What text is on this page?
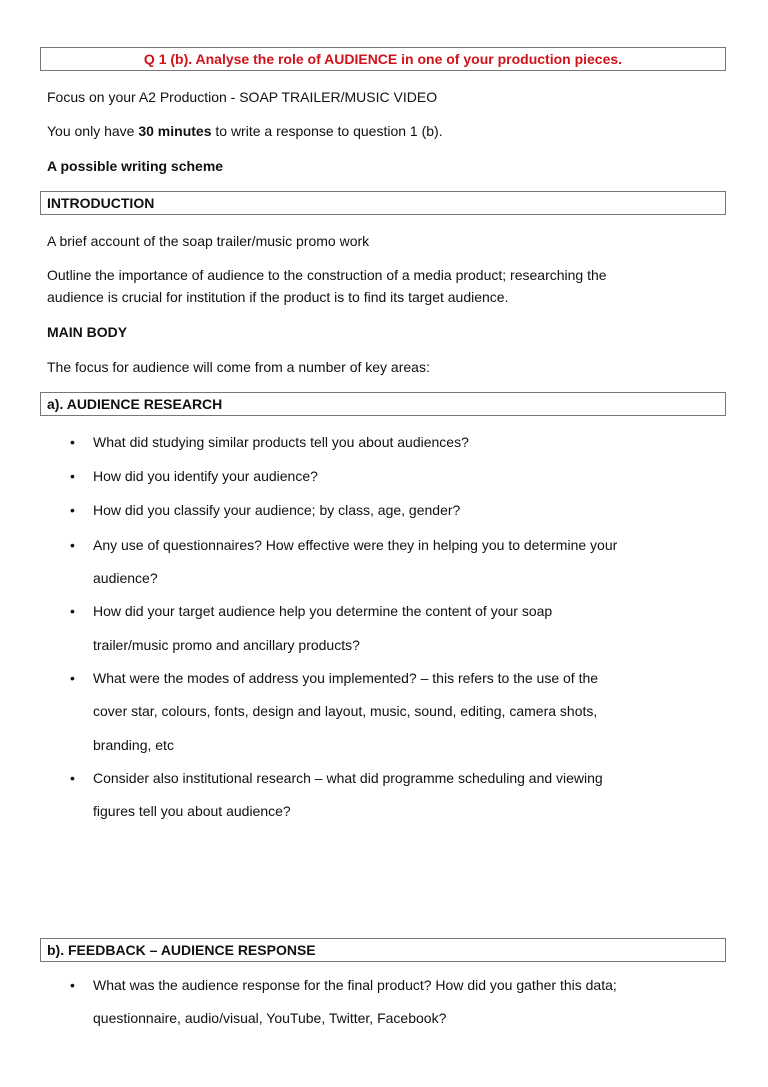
Q 1 (b). Analyse the role of AUDIENCE in one of your production pieces.
Focus on your A2 Production - SOAP TRAILER/MUSIC VIDEO
You only have 30 minutes to write a response to question 1 (b).
A possible writing scheme
INTRODUCTION
A brief account of the soap trailer/music promo work
Outline the importance of audience to the construction of a media product; researching the
audience is crucial for institution if the product is to find its target audience.
MAIN BODY
The focus for audience will come from a number of key areas:
a). AUDIENCE RESEARCH
• What did studying similar products tell you about audiences?
• How did you identify your audience?
• How did you classify your audience; by class, age, gender?
• Any use of questionnaires? How effective were they in helping you to determine your
audience?
• How did your target audience help you determine the content of your soap
trailer/music promo and ancillary products?
• What were the modes of address you implemented? – this refers to the use of the
cover star, colours, fonts, design and layout, music, sound, editing, camera shots,
branding, etc
• Consider also institutional research – what did programme scheduling and viewing
figures tell you about audience?
b). FEEDBACK – AUDIENCE RESPONSE
• What was the audience response for the final product? How did you gather this data;
questionnaire, audio/visual, YouTube, Twitter, Facebook?
